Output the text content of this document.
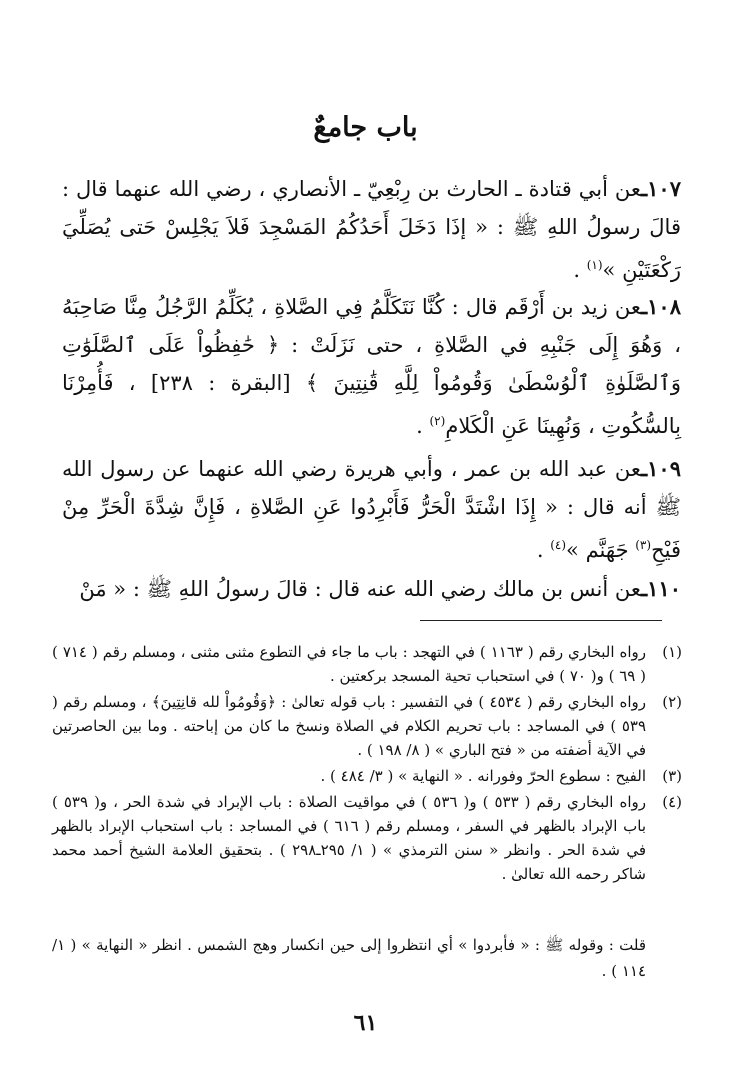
باب جامعٌ
١٠٧ـعن أبي قتادة ـ الحارث بن رِبْعِيّ ـ الأنصاري ، رضي الله عنهما قال : قالَ رسولُ اللهِ ﷺ : « إذَا دَخَلَ أَحَدُكُمُ المَسْجِدَ فَلاَ يَجْلِسْ حَتى يُصَلِّيَ رَكْعَتَيْنِ »$^{(١)}$ .
١٠٨ـعن زيد بن أَرْقَم قال : كُنَّا نَتَكَلَّمُ فِي الصَّلاةِ ، يُكَلِّمُ الرَّجُلُ مِنَّا صَاحِبَهُ ، وَهُوَ إِلَى جَنْبِهِ في الصَّلاةِ ، حتى نَزَلَتْ : ﴿ حَٰفِظُواْ عَلَى ٱلصَّلَوَٰتِ وَٱلصَّلَوٰةِ ٱلْوُسْطَىٰ وَقُومُواْ لِلَّهِ قَٰنِتِينَ ﴾ [البقرة : ٢٣٨] ، فَأُمِرْنَا بِالسُّكُوتِ ، وَنُهِينَا عَنِ الْكَلامِ$^{(٢)}$ .
١٠٩ـعن عبد الله بن عمر ، وأبي هريرة رضي الله عنهما عن رسول الله ﷺ أنه قال : « إِذَا اشْتَدَّ الْحَرُّ فَأَبْرِدُوا عَنِ الصَّلاةِ ، فَإِنَّ شِدَّةَ الْحَرِّ مِنْ فَيْحِ$^{(٣)}$ جَهَنَّم »$^{(٤)}$ .
١١٠ـعن أنس بن مالك رضي الله عنه قال : قالَ رسولُ اللهِ ﷺ : « مَنْ
(١)
رواه البخاري رقم ( ١١٦٣ ) في التهجد : باب ما جاء في التطوع مثنى مثنى ، ومسلم رقم ( ٧١٤ ) ( ٦٩ ) و( ٧٠ ) في استحباب تحية المسجد بركعتين .
(٢)
رواه البخاري رقم ( ٤٥٣٤ ) في التفسير : باب قوله تعالىٰ : ﴿وَقُومُواْ لله قانِتِينَ﴾ ، ومسلم رقم ( ٥٣٩ ) في المساجد : باب تحريم الكلام في الصلاة ونسخ ما كان من إباحته . وما بين الحاصرتين في الآية أضفته من « فتح الباري » ( ٨/ ١٩٨ ) .
(٣)
الفيح : سطوع الحرّ وفورانه . « النهاية » ( ٣/ ٤٨٤ ) .
(٤)
رواه البخاري رقم ( ٥٣٣ ) و( ٥٣٦ ) في مواقيت الصلاة : باب الإبراد في شدة الحر ، و( ٥٣٩ ) باب الإبراد بالظهر في السفر ، ومسلم رقم ( ٦١٦ ) في المساجد : باب استحباب الإبراد بالظهر في شدة الحر . وانظر « سنن الترمذي » ( ١/ ٢٩٥ـ٢٩٨ ) . بتحقيق العلامة الشيخ أحمد محمد شاكر رحمه الله تعالىٰ .
قلت : وقوله ﷺ : « فأبردوا » أي انتظروا إلى حين انكسار وهج الشمس . انظر « النهاية » ( ١/ ١١٤ ) .
٦١
